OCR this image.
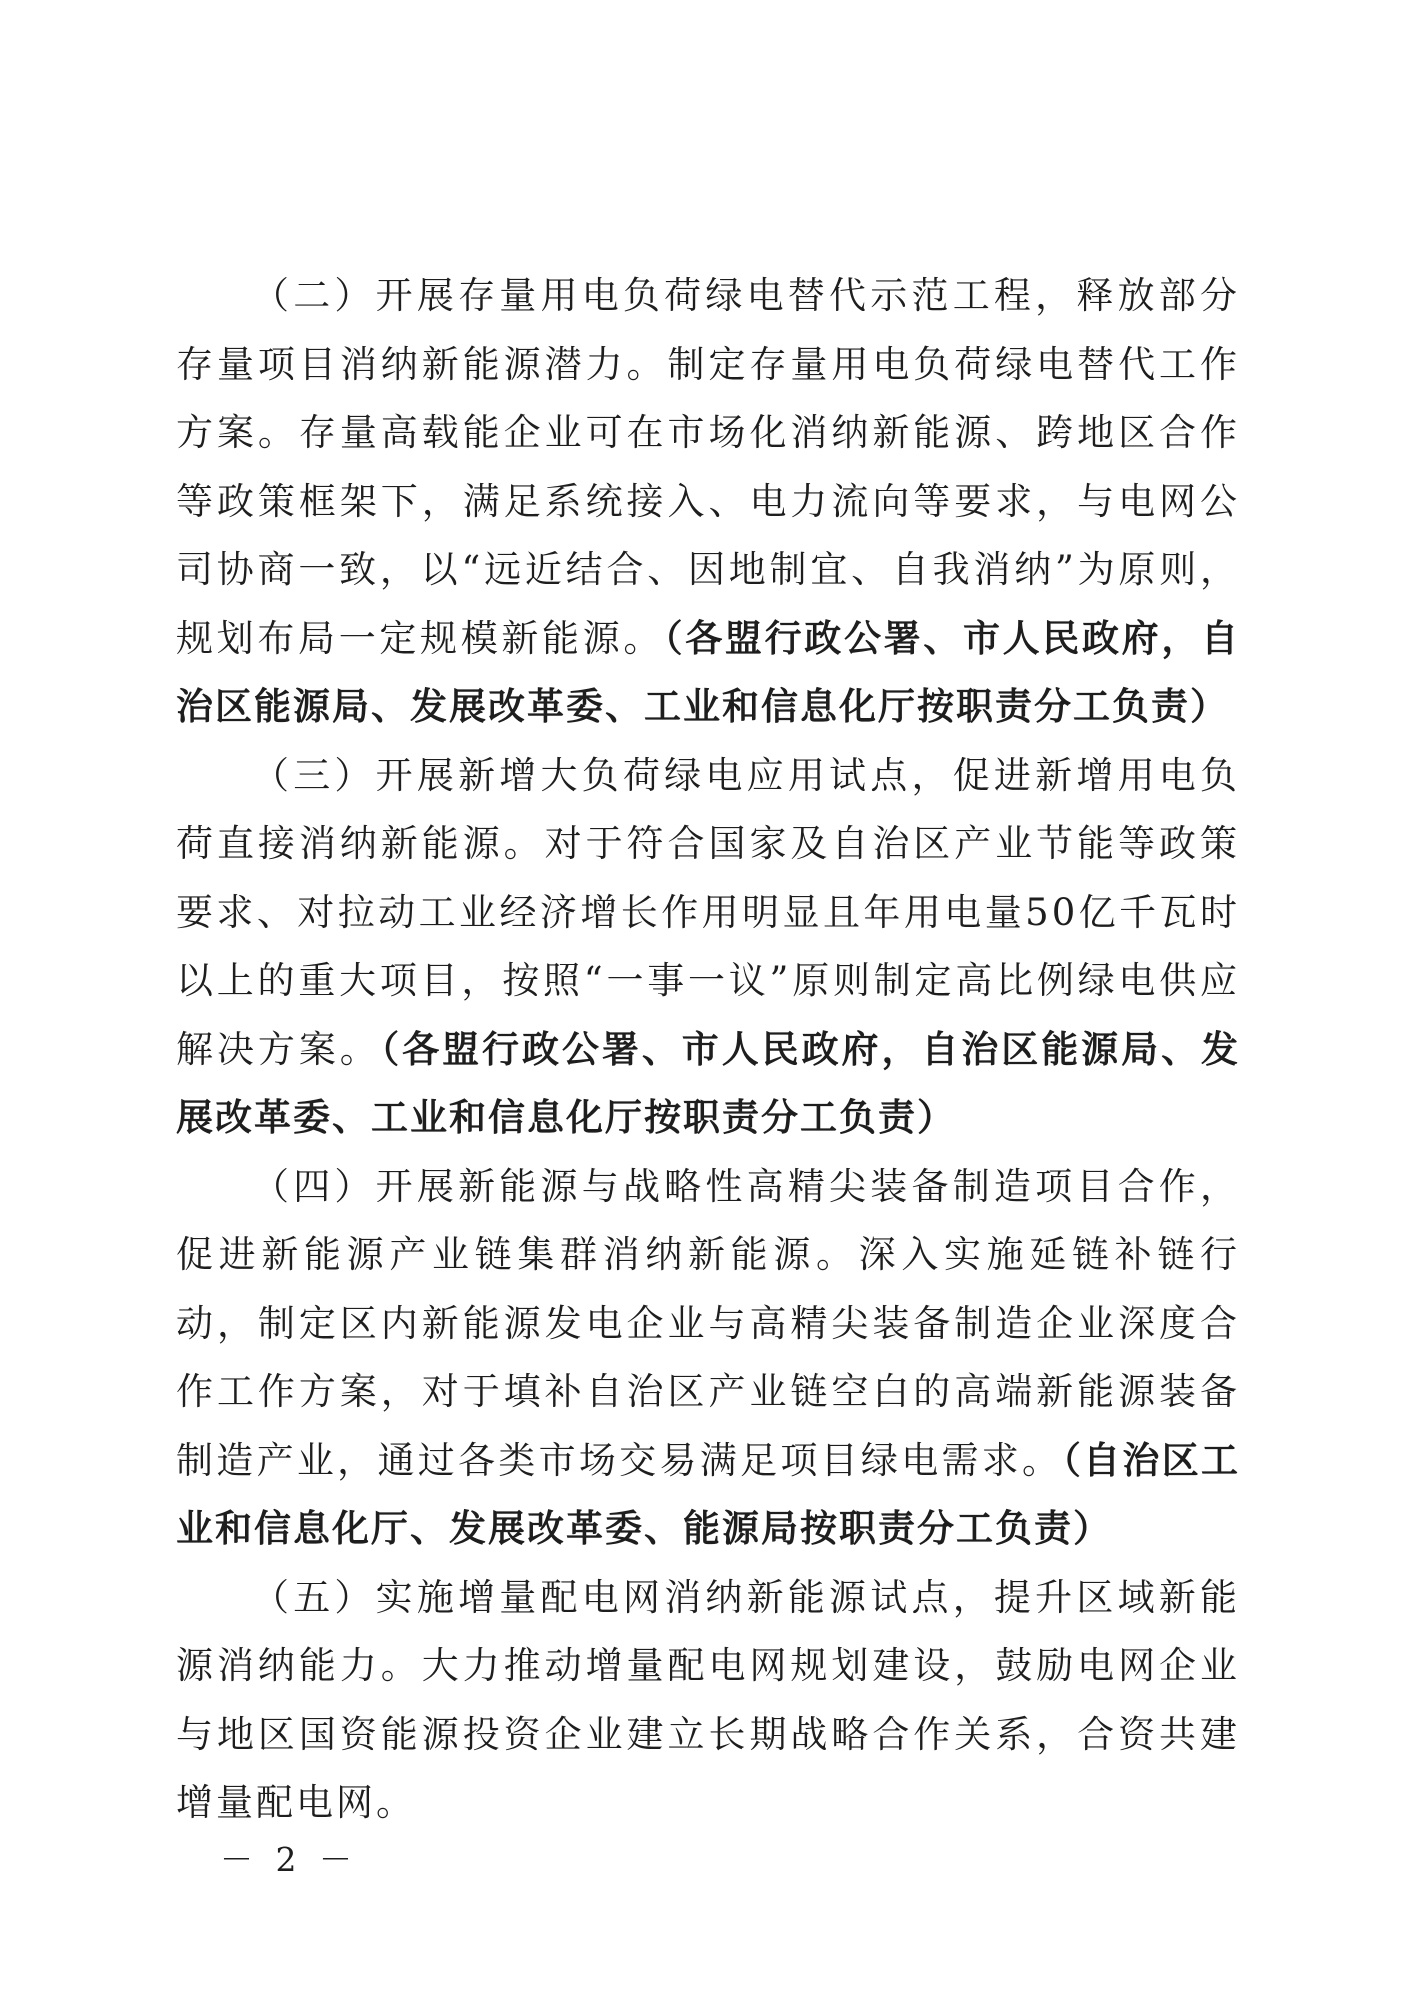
（二）开展存量用电负荷绿电替代示范工程，释放部分存量项目消纳新能源潜力。制定存量用电负荷绿电替代工作方案。存量高载能企业可在市场化消纳新能源、跨地区合作等政策框架下，满足系统接入、电力流向等要求，与电网公司协商一致，以“远近结合、因地制宜、自我消纳”为原则，规划布局一定规模新能源。（各盟行政公署、市人民政府，自治区能源局、发展改革委、工业和信息化厅按职责分工负责）

（三）开展新增大负荷绿电应用试点，促进新增用电负荷直接消纳新能源。对于符合国家及自治区产业节能等政策要求、对拉动工业经济增长作用明显且年用电量50亿千瓦时以上的重大项目，按照“一事一议”原则制定高比例绿电供应解决方案。（各盟行政公署、市人民政府，自治区能源局、发展改革委、工业和信息化厅按职责分工负责）

（四）开展新能源与战略性高精尖装备制造项目合作，促进新能源产业链集群消纳新能源。深入实施延链补链行动，制定区内新能源发电企业与高精尖装备制造企业深度合作工作方案，对于填补自治区产业链空白的高端新能源装备制造产业，通过各类市场交易满足项目绿电需求。（自治区工业和信息化厅、发展改革委、能源局按职责分工负责）

（五）实施增量配电网消纳新能源试点，提升区域新能源消纳能力。大力推动增量配电网规划建设，鼓励电网企业与地区国资能源投资企业建立长期战略合作关系，合资共建增量配电网。

－ 2 －
